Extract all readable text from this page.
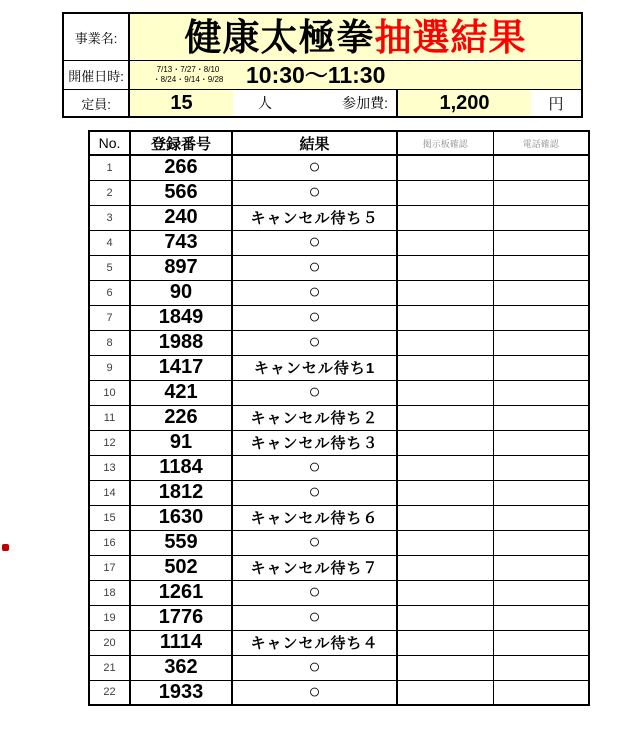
事業名:	健康太極拳 抽選結果
開催日時:	7/13・7/27・8/10
・8/24・9/14・9/28 10:30〜11:30
定員:	15	人	参加費:	1,200	円
No.	登録番号	結果	掲示板確認	電話確認
1	266	○		
2	566	○		
3	240	キャンセル待ち５		
4	743	○		
5	897	○		
6	90	○		
7	1849	○		
8	1988	○		
9	1417	キャンセル待ち1		
10	421	○		
11	226	キャンセル待ち２		
12	91	キャンセル待ち３		
13	1184	○		
14	1812	○		
15	1630	キャンセル待ち６		
16	559	○		
17	502	キャンセル待ち７		
18	1261	○		
19	1776	○		
20	1114	キャンセル待ち４		
21	362	○		
22	1933	○		
